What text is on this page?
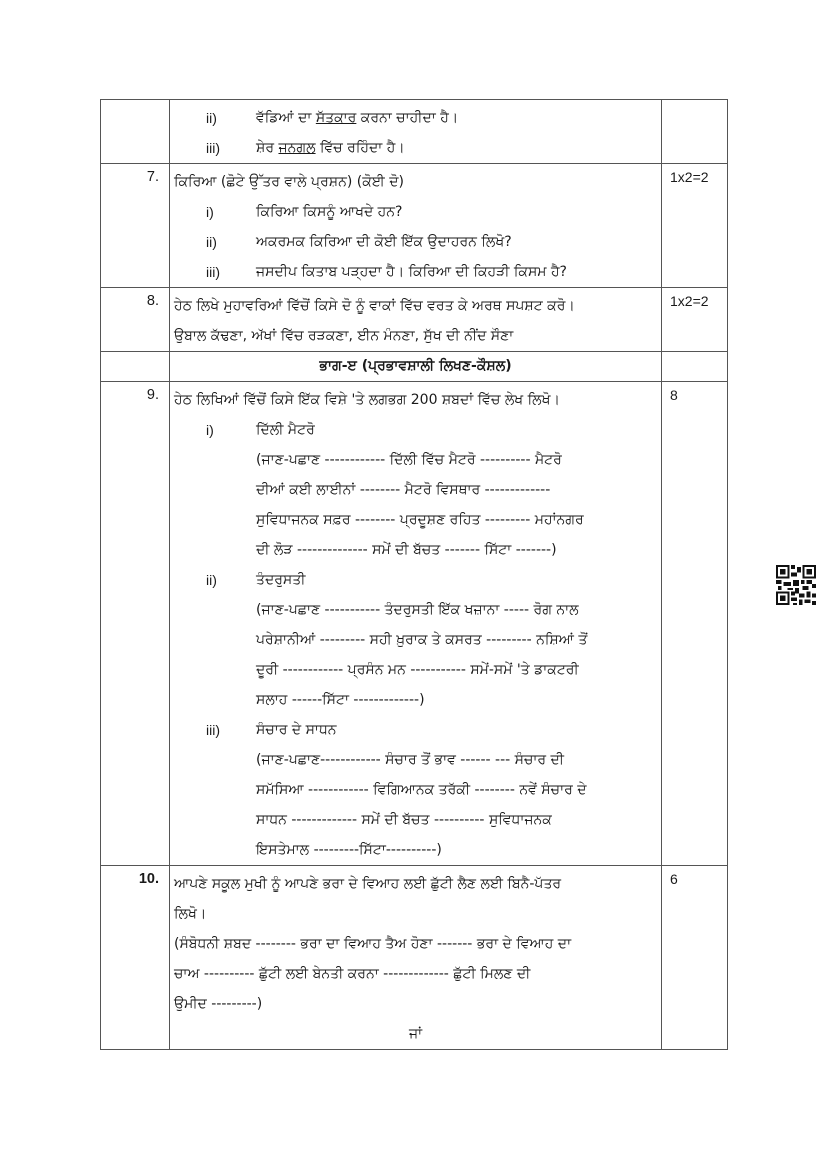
	ii) ਵੱਡਿਆਂ ਦਾ ਸੱਤਕਾਰ ਕਰਨਾ ਚਾਹੀਦਾ ਹੈ।
iii) ਸ਼ੇਰ ਜਨਗਲ ਵਿੱਚ ਰਹਿੰਦਾ ਹੈ।	

7.	ਕਿਰਿਆ (ਛੋਟੇ ਉੱਤਰ ਵਾਲੇ ਪ੍ਰਸ਼ਨ) (ਕੋਈ ਦੋ)
i)	ਕਿਰਿਆ ਕਿਸਨੂੰ ਆਖਦੇ ਹਨ?
ii)	ਅਕਰਮਕ ਕਿਰਿਆ ਦੀ ਕੋਈ ਇੱਕ ਉਦਾਹਰਨ ਲਿਖੋ?
iii)	ਜਸਦੀਪ ਕਿਤਾਬ ਪੜ੍ਹਦਾ ਹੈ। ਕਿਰਿਆ ਦੀ ਕਿਹੜੀ ਕਿਸਮ ਹੈ?
	1x2=2
8.	ਹੇਠ ਲਿਖੇ ਮੁਹਾਵਰਿਆਂ ਵਿੱਚੋਂ ਕਿਸੇ ਦੋ ਨੂੰ ਵਾਕਾਂ ਵਿੱਚ ਵਰਤ ਕੇ ਅਰਥ ਸਪਸ਼ਟ ਕਰੋ।
ਉਬਾਲ ਕੱਢਣਾ, ਅੱਖਾਂ ਵਿੱਚ ਰੜਕਣਾ, ਈਨ ਮੰਨਣਾ, ਸੁੱਖ ਦੀ ਨੀਂਦ ਸੌਣਾ	1x2=2
	ਭਾਗ-ੲ (ਪ੍ਰਭਾਵਸ਼ਾਲੀ ਲਿਖਣ-ਕੌਸ਼ਲ)	
9.	ਹੇਠ ਲਿਖਿਆਂ ਵਿੱਚੋਂ ਕਿਸੇ ਇੱਕ ਵਿਸ਼ੇ 'ਤੇ ਲਗਭਗ 200 ਸ਼ਬਦਾਂ ਵਿੱਚ ਲੇਖ ਲਿਖੋ।
i)	ਦਿੱਲੀ ਮੈਟਰੋ
(ਜਾਣ-ਪਛਾਣ ------------ ਦਿੱਲੀ ਵਿੱਚ ਮੈਟਰੋ ---------- ਮੈਟਰੋ
ਦੀਆਂ ਕਈ ਲਾਈਨਾਂ -------- ਮੈਟਰੋ ਵਿਸਥਾਰ -------------
ਸੁਵਿਧਾਜਨਕ ਸਫ਼ਰ -------- ਪ੍ਰਦੂਸ਼ਣ ਰਹਿਤ --------- ਮਹਾਂਨਗਰ
ਦੀ ਲੋੜ -------------- ਸਮੇਂ ਦੀ ਬੱਚਤ ------- ਸਿੱਟਾ -------)
ii)	ਤੰਦਰੁਸਤੀ
(ਜਾਣ-ਪਛਾਣ ----------- ਤੰਦਰੁਸਤੀ ਇੱਕ ਖਜ਼ਾਨਾ ----- ਰੋਗ ਨਾਲ
ਪਰੇਸ਼ਾਨੀਆਂ --------- ਸਹੀ ਖ਼ੁਰਾਕ ਤੇ ਕਸਰਤ --------- ਨਸ਼ਿਆਂ ਤੋਂ
ਦੂਰੀ ------------ ਪ੍ਰਸੰਨ ਮਨ ----------- ਸਮੇਂ-ਸਮੇਂ 'ਤੇ ਡਾਕਟਰੀ
ਸਲਾਹ ------ਸਿੱਟਾ -------------)
iii)	ਸੰਚਾਰ ਦੇ ਸਾਧਨ
(ਜਾਣ-ਪਛਾਣ------------ ਸੰਚਾਰ ਤੋਂ ਭਾਵ ------ --- ਸੰਚਾਰ ਦੀ
ਸਮੱਸਿਆ ------------ ਵਿਗਿਆਨਕ ਤਰੱਕੀ -------- ਨਵੇਂ ਸੰਚਾਰ ਦੇ
ਸਾਧਨ ------------- ਸਮੇਂ ਦੀ ਬੱਚਤ ---------- ਸੁਵਿਧਾਜਨਕ
ਇਸਤੇਮਾਲ ---------ਸਿੱਟਾ----------)
	8
10.	ਆਪਣੇ ਸਕੂਲ ਮੁਖੀ ਨੂੰ ਆਪਣੇ ਭਰਾ ਦੇ ਵਿਆਹ ਲਈ ਛੁੱਟੀ ਲੈਣ ਲਈ ਬਿਨੈ-ਪੱਤਰ
ਲਿਖੋ।
(ਸੰਬੋਧਨੀ ਸ਼ਬਦ -------- ਭਰਾ ਦਾ ਵਿਆਹ ਤੈਅ ਹੋਣਾ ------- ਭਰਾ ਦੇ ਵਿਆਹ ਦਾ
ਚਾਅ ---------- ਛੁੱਟੀ ਲਈ ਬੇਨਤੀ ਕਰਨਾ ------------- ਛੁੱਟੀ ਮਿਲਣ ਦੀ
ਉਮੀਦ ---------)
ਜਾਂ
	6
